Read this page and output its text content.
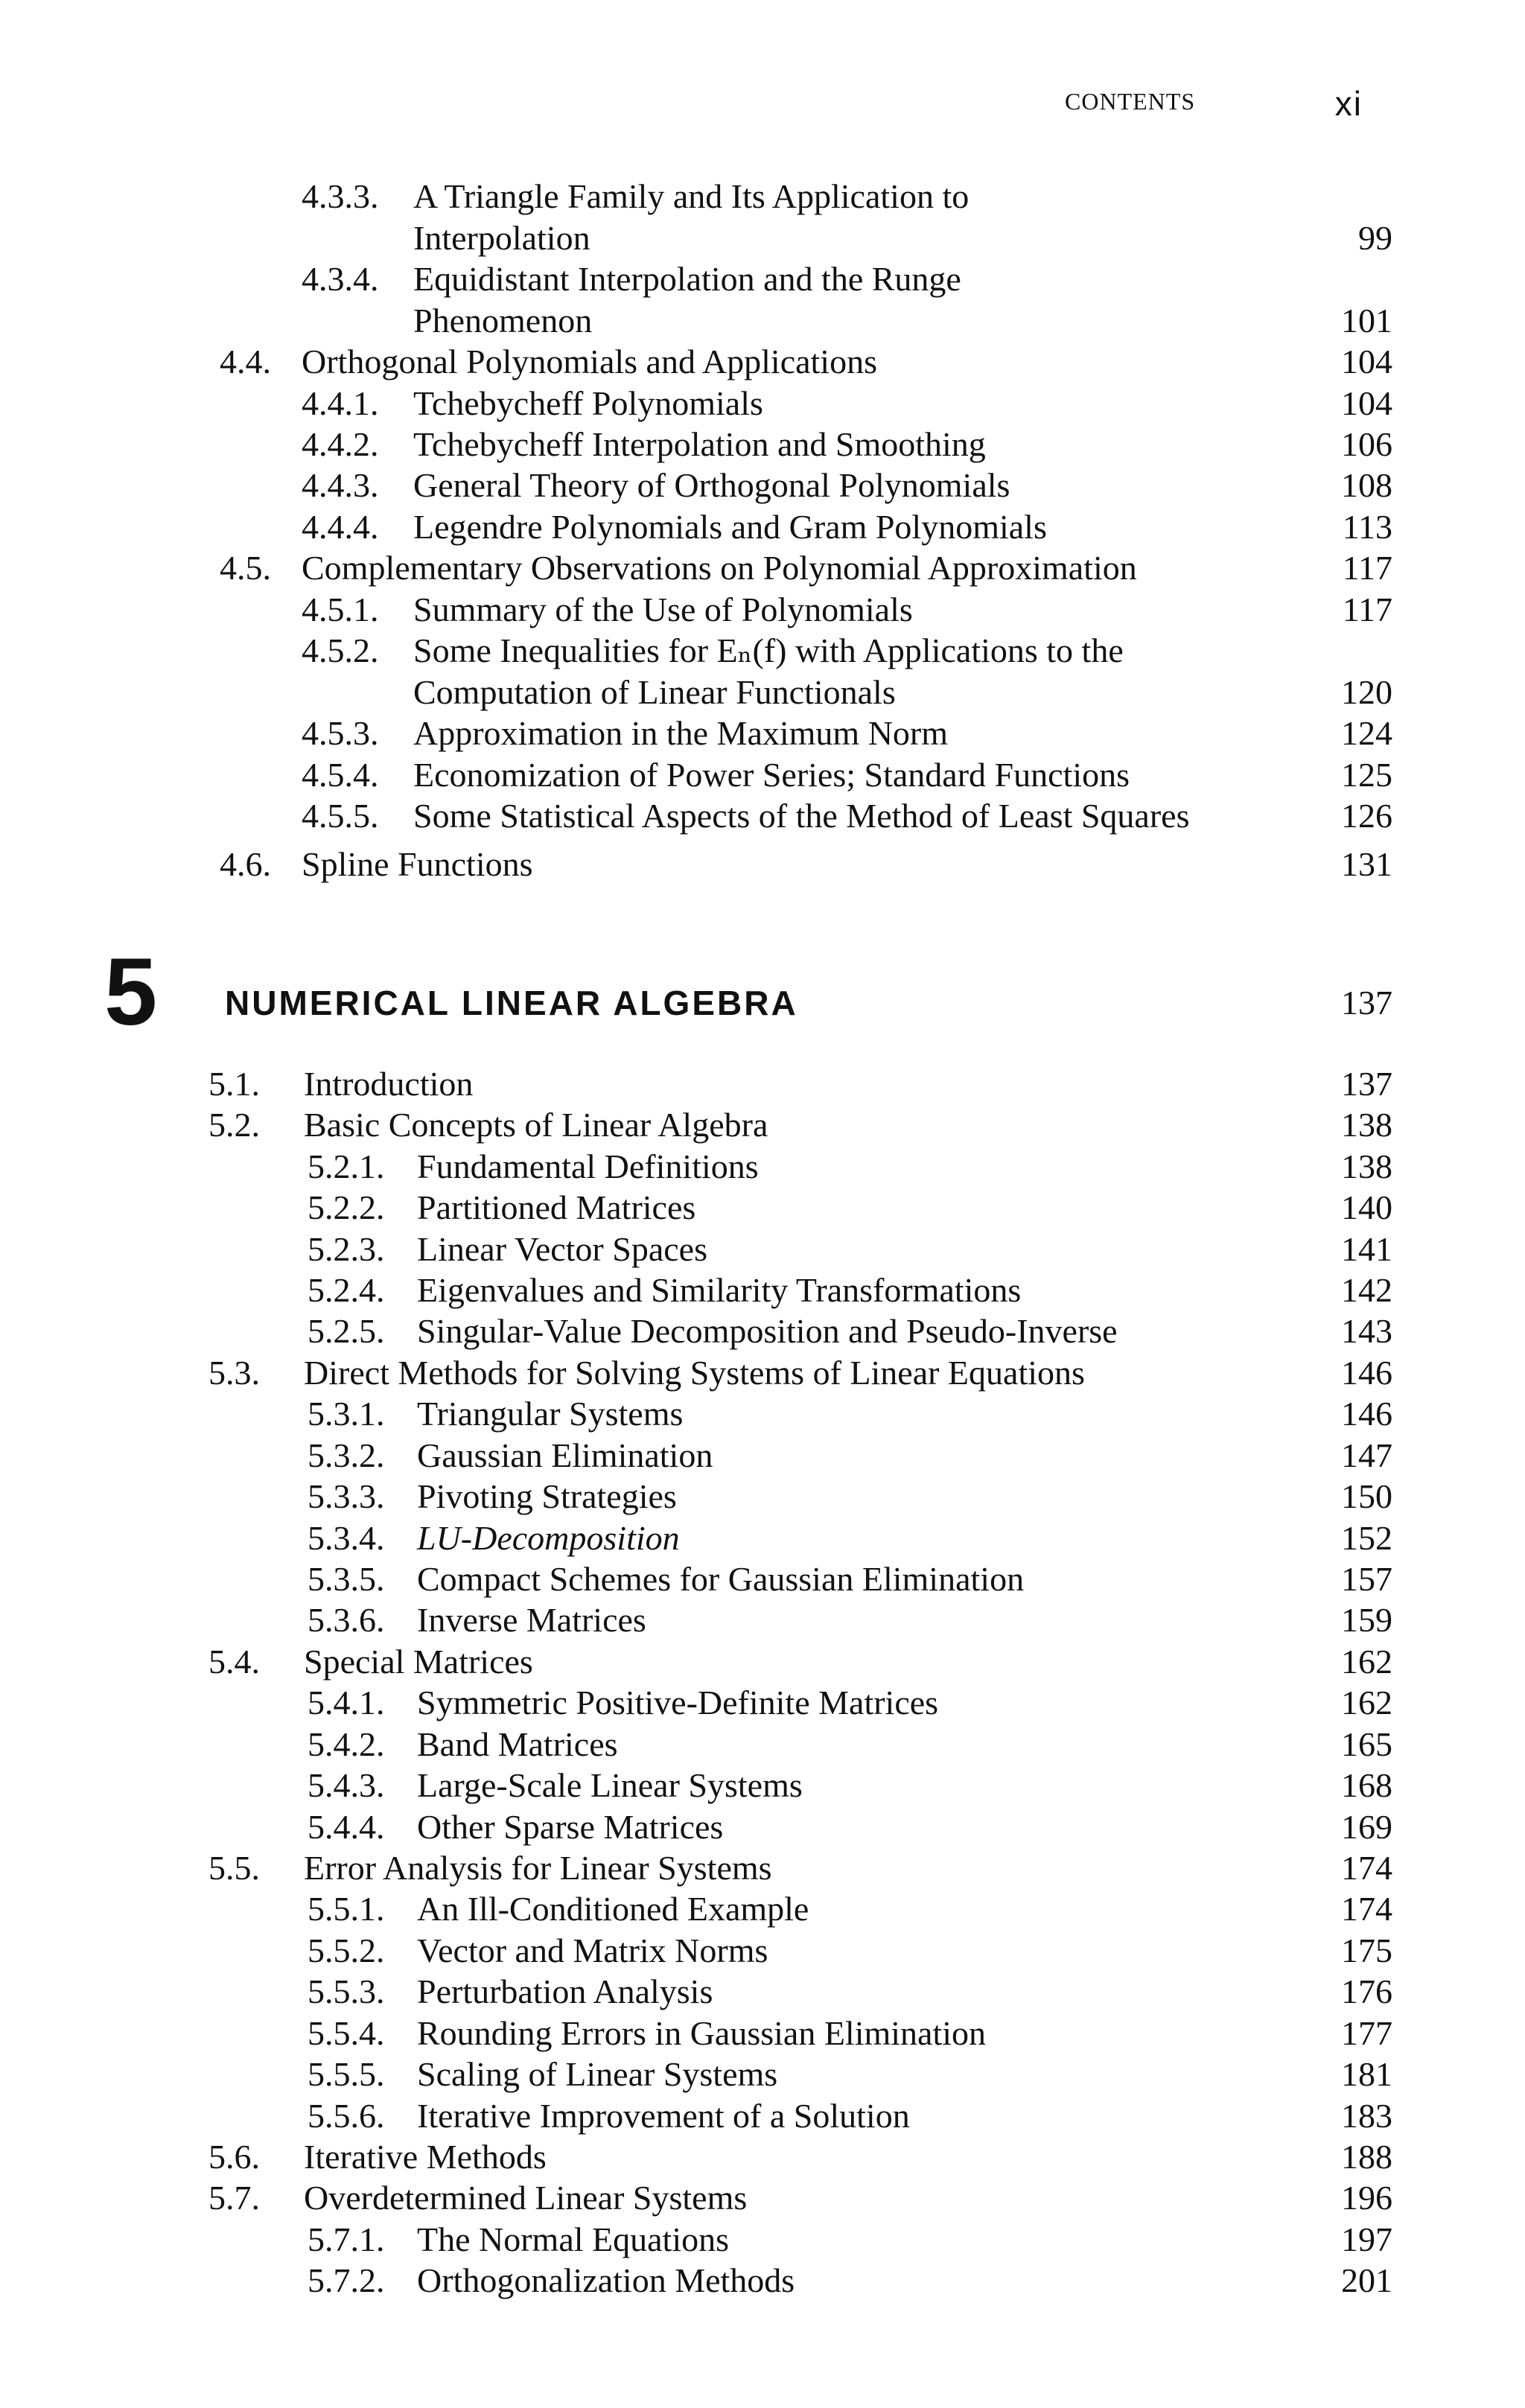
CONTENTS	xi
4.3.3. A Triangle Family and Its Application to
Interpolation	99
4.3.4. Equidistant Interpolation and the Runge
Phenomenon	101
4.4. Orthogonal Polynomials and Applications	104
4.4.1. Tchebycheff Polynomials	104
4.4.2. Tchebycheff Interpolation and Smoothing	106
4.4.3. General Theory of Orthogonal Polynomials	108
4.4.4. Legendre Polynomials and Gram Polynomials	113
4.5. Complementary Observations on Polynomial Approximation	117
4.5.1. Summary of the Use of Polynomials	117
4.5.2. Some Inequalities for Eₙ(f) with Applications to the
Computation of Linear Functionals	120
4.5.3. Approximation in the Maximum Norm	124
4.5.4. Economization of Power Series; Standard Functions	125
4.5.5. Some Statistical Aspects of the Method of Least Squares	126
4.6. Spline Functions	131
5 NUMERICAL LINEAR ALGEBRA	137
5.1. Introduction	137
5.2. Basic Concepts of Linear Algebra	138
5.2.1. Fundamental Definitions	138
5.2.2. Partitioned Matrices	140
5.2.3. Linear Vector Spaces	141
5.2.4. Eigenvalues and Similarity Transformations	142
5.2.5. Singular-Value Decomposition and Pseudo-Inverse	143
5.3. Direct Methods for Solving Systems of Linear Equations	146
5.3.1. Triangular Systems	146
5.3.2. Gaussian Elimination	147
5.3.3. Pivoting Strategies	150
5.3.4. LU-Decomposition	152
5.3.5. Compact Schemes for Gaussian Elimination	157
5.3.6. Inverse Matrices	159
5.4. Special Matrices	162
5.4.1. Symmetric Positive-Definite Matrices	162
5.4.2. Band Matrices	165
5.4.3. Large-Scale Linear Systems	168
5.4.4. Other Sparse Matrices	169
5.5. Error Analysis for Linear Systems	174
5.5.1. An Ill-Conditioned Example	174
5.5.2. Vector and Matrix Norms	175
5.5.3. Perturbation Analysis	176
5.5.4. Rounding Errors in Gaussian Elimination	177
5.5.5. Scaling of Linear Systems	181
5.5.6. Iterative Improvement of a Solution	183
5.6. Iterative Methods	188
5.7. Overdetermined Linear Systems	196
5.7.1. The Normal Equations	197
5.7.2. Orthogonalization Methods	201
